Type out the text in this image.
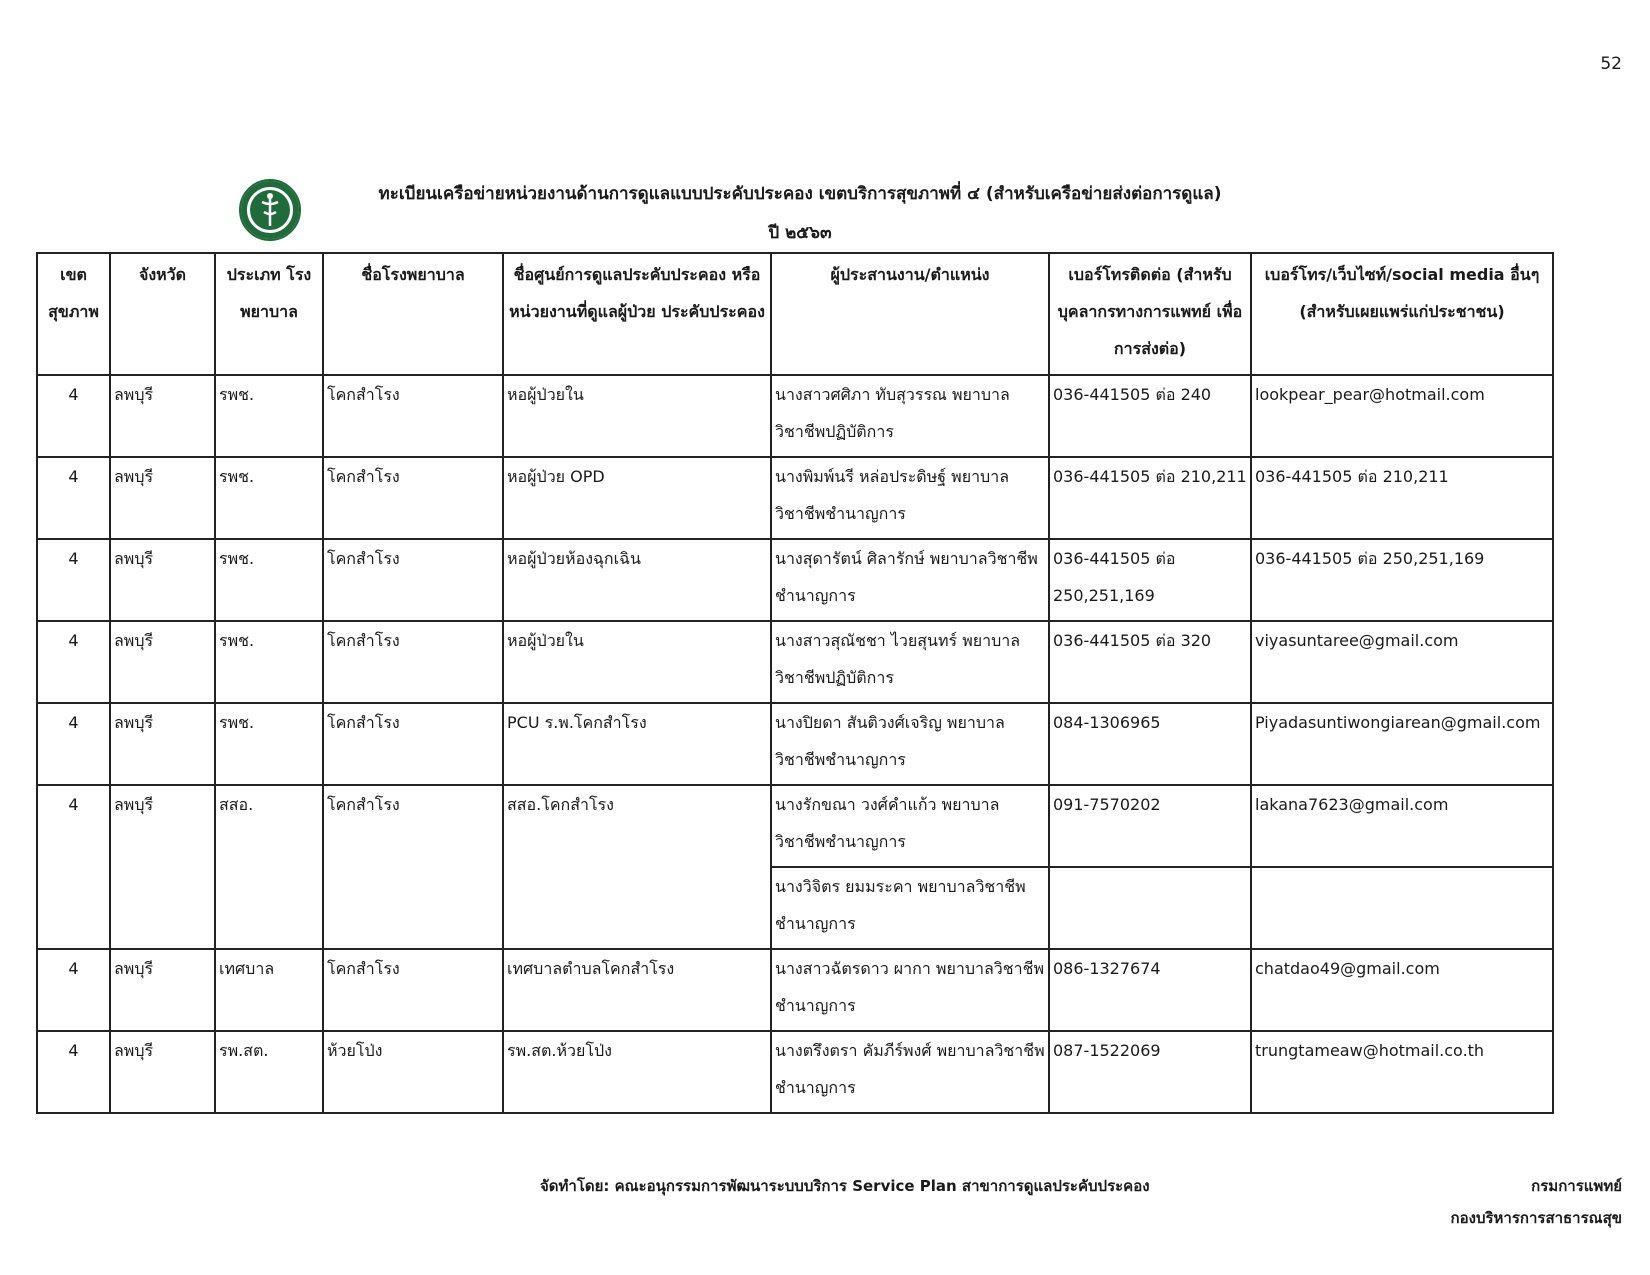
52
ทะเบียนเครือข่ายหน่วยงานด้านการดูแลแบบประคับประคอง เขตบริการสุขภาพที่ ๔ (สำหรับเครือข่ายส่งต่อการดูแล)
ปี ๒๕๖๓
เขต สุขภาพ	จังหวัด	ประเภท โรงพยาบาล	ชื่อโรงพยาบาล	ชื่อศูนย์การดูแลประคับประคอง หรือ หน่วยงานที่ดูแลผู้ป่วย ประคับประคอง	ผู้ประสานงาน/ตำแหน่ง	เบอร์โทรติดต่อ (สำหรับ บุคลากรทางการแพทย์ เพื่อการส่งต่อ)	เบอร์โทร/เว็บไซท์/social media อื่นๆ (สำหรับเผยแพร่แก่ประชาชน)
4	ลพบุรี	รพช.	โคกสำโรง	หอผู้ป่วยใน	นางสาวศศิภา ทับสุวรรณ พยาบาลวิชาชีพปฏิบัติการ	036-441505 ต่อ 240	lookpear_pear@hotmail.com
4	ลพบุรี	รพช.	โคกสำโรง	หอผู้ป่วย OPD	นางพิมพ์นรี หล่อประดิษฐ์ พยาบาลวิชาชีพชำนาญการ	036-441505 ต่อ 210,211	036-441505 ต่อ 210,211
4	ลพบุรี	รพช.	โคกสำโรง	หอผู้ป่วยห้องฉุกเฉิน	นางสุดารัตน์ ศิลารักษ์ พยาบาลวิชาชีพชำนาญการ	036-441505 ต่อ 250,251,169	036-441505 ต่อ 250,251,169
4	ลพบุรี	รพช.	โคกสำโรง	หอผู้ป่วยใน	นางสาวสุณัชชา ไวยสุนทร์ พยาบาลวิชาชีพปฏิบัติการ	036-441505 ต่อ 320	viyasuntaree@gmail.com
4	ลพบุรี	รพช.	โคกสำโรง	PCU ร.พ.โคกสำโรง	นางปิยดา สันติวงศ์เจริญ พยาบาลวิชาชีพชำนาญการ	084-1306965	Piyadasuntiwongiarean@gmail.com
4	ลพบุรี	สสอ.	โคกสำโรง	สสอ.โคกสำโรง	นางรักขณา วงศ์คำแก้ว พยาบาลวิชาชีพชำนาญการ	091-7570202	lakana7623@gmail.com
					นางวิจิตร ยมมระคา พยาบาลวิชาชีพชำนาญการ		
4	ลพบุรี	เทศบาล	โคกสำโรง	เทศบาลตำบลโคกสำโรง	นางสาวฉัตรดาว ผากา พยาบาลวิชาชีพชำนาญการ	086-1327674	chatdao49@gmail.com
4	ลพบุรี	รพ.สต.	ห้วยโป่ง	รพ.สต.ห้วยโป่ง	นางตรึงตรา คัมภีร์พงศ์ พยาบาลวิชาชีพชำนาญการ	087-1522069	trungtameaw@hotmail.co.th
จัดทำโดย: คณะอนุกรรมการพัฒนาระบบบริการ Service Plan สาขาการดูแลประคับประคอง	กรมการแพทย์
กองบริหารการสาธารณสุข
